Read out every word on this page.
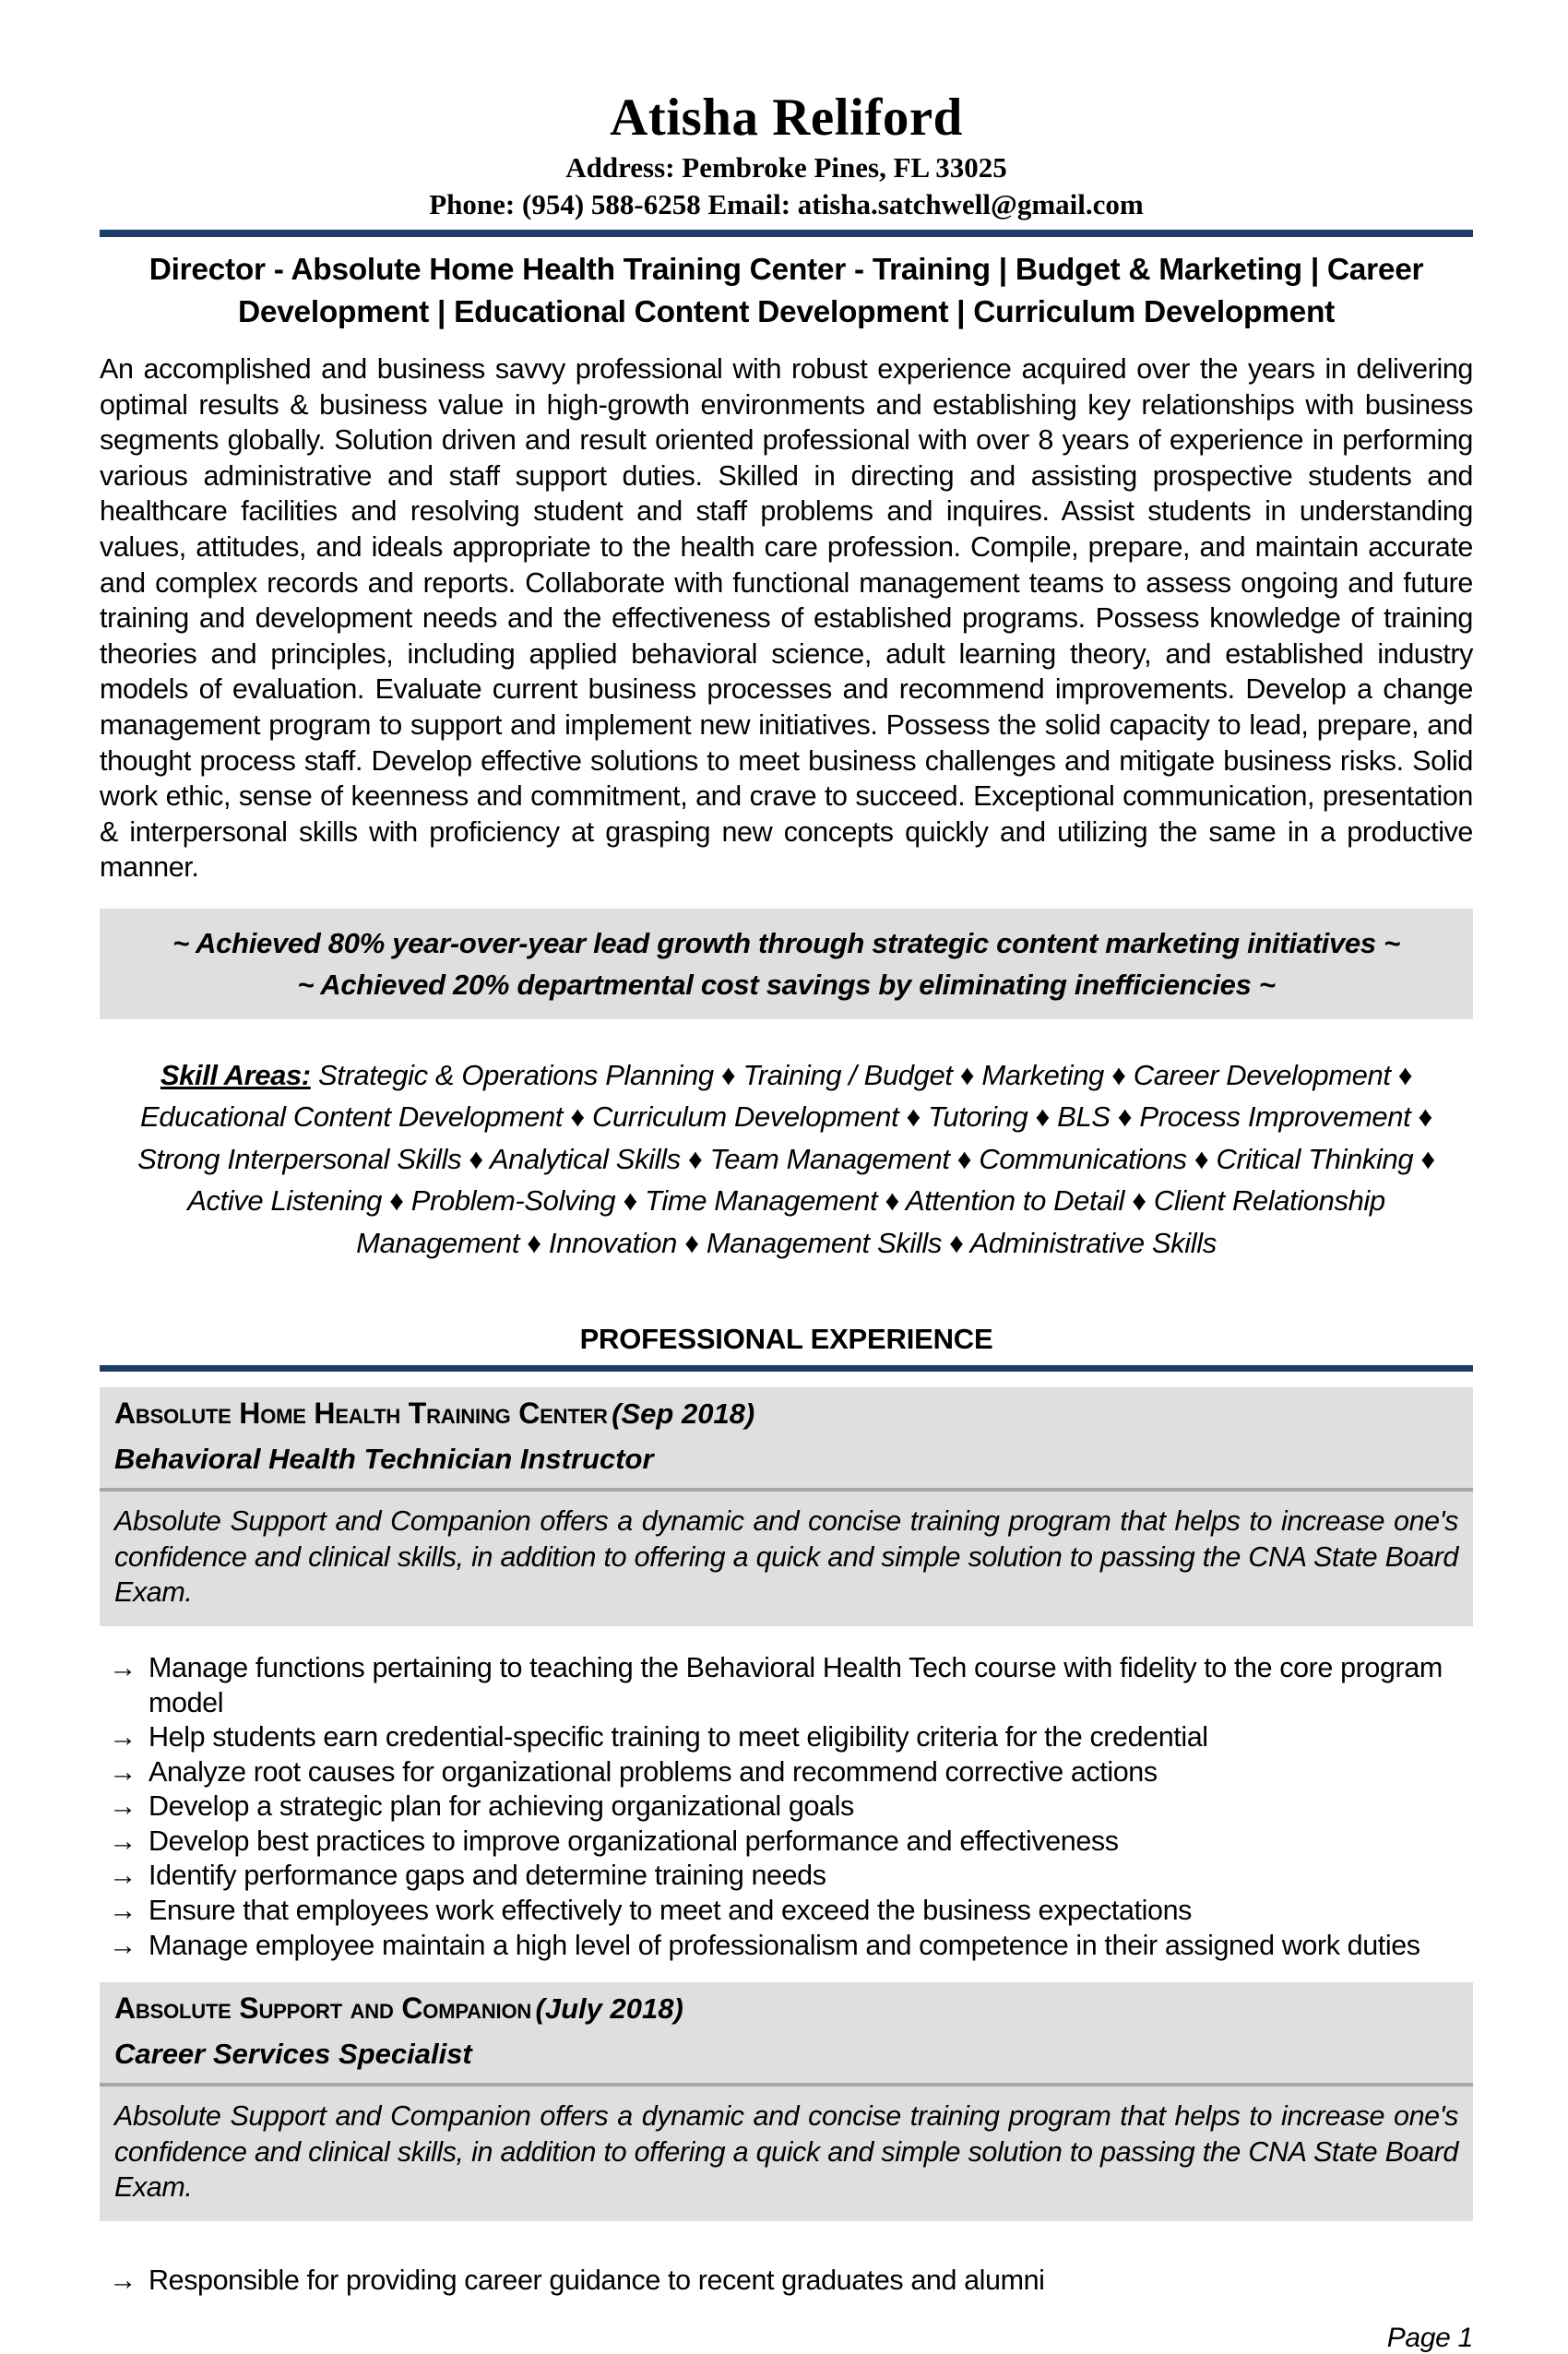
Atisha Reliford
Address: Pembroke Pines, FL 33025
Phone: (954) 588-6258 Email: atisha.satchwell@gmail.com
Director - Absolute Home Health Training Center - Training | Budget & Marketing | Career Development | Educational Content Development | Curriculum Development

An accomplished and business savvy professional with robust experience acquired over the years in delivering optimal results & business value in high-growth environments and establishing key relationships with business segments globally. Solution driven and result oriented professional with over 8 years of experience in performing various administrative and staff support duties. Skilled in directing and assisting prospective students and healthcare facilities and resolving student and staff problems and inquires. Assist students in understanding values, attitudes, and ideals appropriate to the health care profession. Compile, prepare, and maintain accurate and complex records and reports. Collaborate with functional management teams to assess ongoing and future training and development needs and the effectiveness of established programs. Possess knowledge of training theories and principles, including applied behavioral science, adult learning theory, and established industry models of evaluation. Evaluate current business processes and recommend improvements. Develop a change management program to support and implement new initiatives. Possess the solid capacity to lead, prepare, and thought process staff. Develop effective solutions to meet business challenges and mitigate business risks. Solid work ethic, sense of keenness and commitment, and crave to succeed. Exceptional communication, presentation & interpersonal skills with proficiency at grasping new concepts quickly and utilizing the same in a productive manner.

~ Achieved 80% year-over-year lead growth through strategic content marketing initiatives ~
~ Achieved 20% departmental cost savings by eliminating inefficiencies ~

Skill Areas: Strategic & Operations Planning ♦ Training / Budget ♦ Marketing ♦ Career Development ♦ Educational Content Development ♦ Curriculum Development ♦ Tutoring ♦ BLS ♦ Process Improvement ♦ Strong Interpersonal Skills ♦ Analytical Skills ♦ Team Management ♦ Communications ♦ Critical Thinking ♦ Active Listening ♦ Problem-Solving ♦ Time Management ♦ Attention to Detail ♦ Client Relationship Management ♦ Innovation ♦ Management Skills ♦ Administrative Skills

PROFESSIONAL EXPERIENCE
Absolute Home Health Training Center (Sep 2018)
Behavioral Health Technician Instructor
Absolute Support and Companion offers a dynamic and concise training program that helps to increase one's confidence and clinical skills, in addition to offering a quick and simple solution to passing the CNA State Board Exam.
→ Manage functions pertaining to teaching the Behavioral Health Tech course with fidelity to the core program model
→ Help students earn credential-specific training to meet eligibility criteria for the credential
→ Analyze root causes for organizational problems and recommend corrective actions
→ Develop a strategic plan for achieving organizational goals
→ Develop best practices to improve organizational performance and effectiveness
→ Identify performance gaps and determine training needs
→ Ensure that employees work effectively to meet and exceed the business expectations
→ Manage employee maintain a high level of professionalism and competence in their assigned work duties
Absolute Support and Companion (July 2018)
Career Services Specialist
Absolute Support and Companion offers a dynamic and concise training program that helps to increase one's confidence and clinical skills, in addition to offering a quick and simple solution to passing the CNA State Board Exam.
→ Responsible for providing career guidance to recent graduates and alumni
Page 1
